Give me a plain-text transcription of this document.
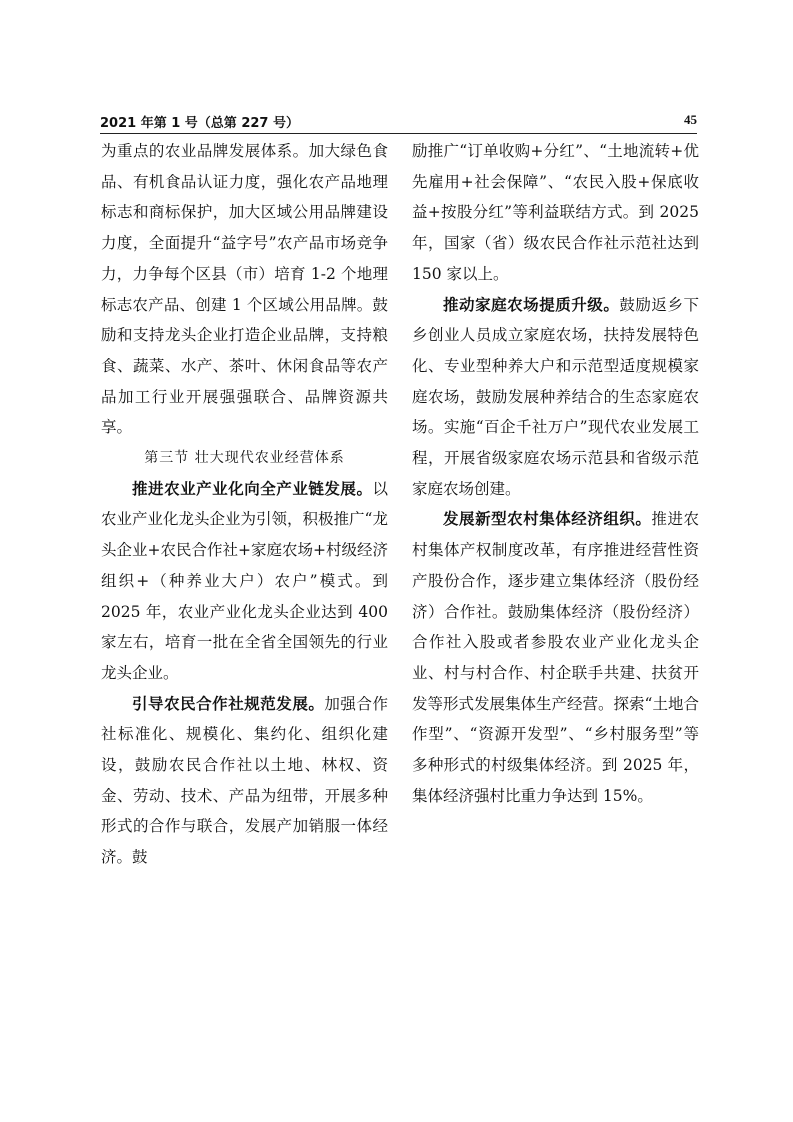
2021 年第 1 号（总第 227 号）	45

为重点的农业品牌发展体系。加大绿色食品、有机食品认证力度，强化农产品地理标志和商标保护，加大区域公用品牌建设力度，全面提升“益字号”农产品市场竞争力，力争每个区县（市）培育 1-2 个地理标志农产品、创建 1 个区域公用品牌。鼓励和支持龙头企业打造企业品牌，支持粮食、蔬菜、水产、茶叶、休闲食品等农产品加工行业开展强强联合、品牌资源共享。

第三节 壮大现代农业经营体系

推进农业产业化向全产业链发展。以农业产业化龙头企业为引领，积极推广“龙头企业+农民合作社+家庭农场+村级经济组织+（种养业大户）农户”模式。到 2025 年，农业产业化龙头企业达到 400 家左右，培育一批在全省全国领先的行业龙头企业。

引导农民合作社规范发展。加强合作社标准化、规模化、集约化、组织化建设，鼓励农民合作社以土地、林权、资金、劳动、技术、产品为纽带，开展多种形式的合作与联合，发展产加销服一体经济。鼓

励推广“订单收购+分红”、“土地流转+优先雇用+社会保障”、“农民入股+保底收益+按股分红”等利益联结方式。到 2025 年，国家（省）级农民合作社示范社达到 150 家以上。

推动家庭农场提质升级。鼓励返乡下乡创业人员成立家庭农场，扶持发展特色化、专业型种养大户和示范型适度规模家庭农场，鼓励发展种养结合的生态家庭农场。实施“百企千社万户”现代农业发展工程，开展省级家庭农场示范县和省级示范家庭农场创建。

发展新型农村集体经济组织。推进农村集体产权制度改革，有序推进经营性资产股份合作，逐步建立集体经济（股份经济）合作社。鼓励集体经济（股份经济）合作社入股或者参股农业产业化龙头企业、村与村合作、村企联手共建、扶贫开发等形式发展集体生产经营。探索“土地合作型”、“资源开发型”、“乡村服务型”等多种形式的村级集体经济。到 2025 年，集体经济强村比重力争达到 15%。
